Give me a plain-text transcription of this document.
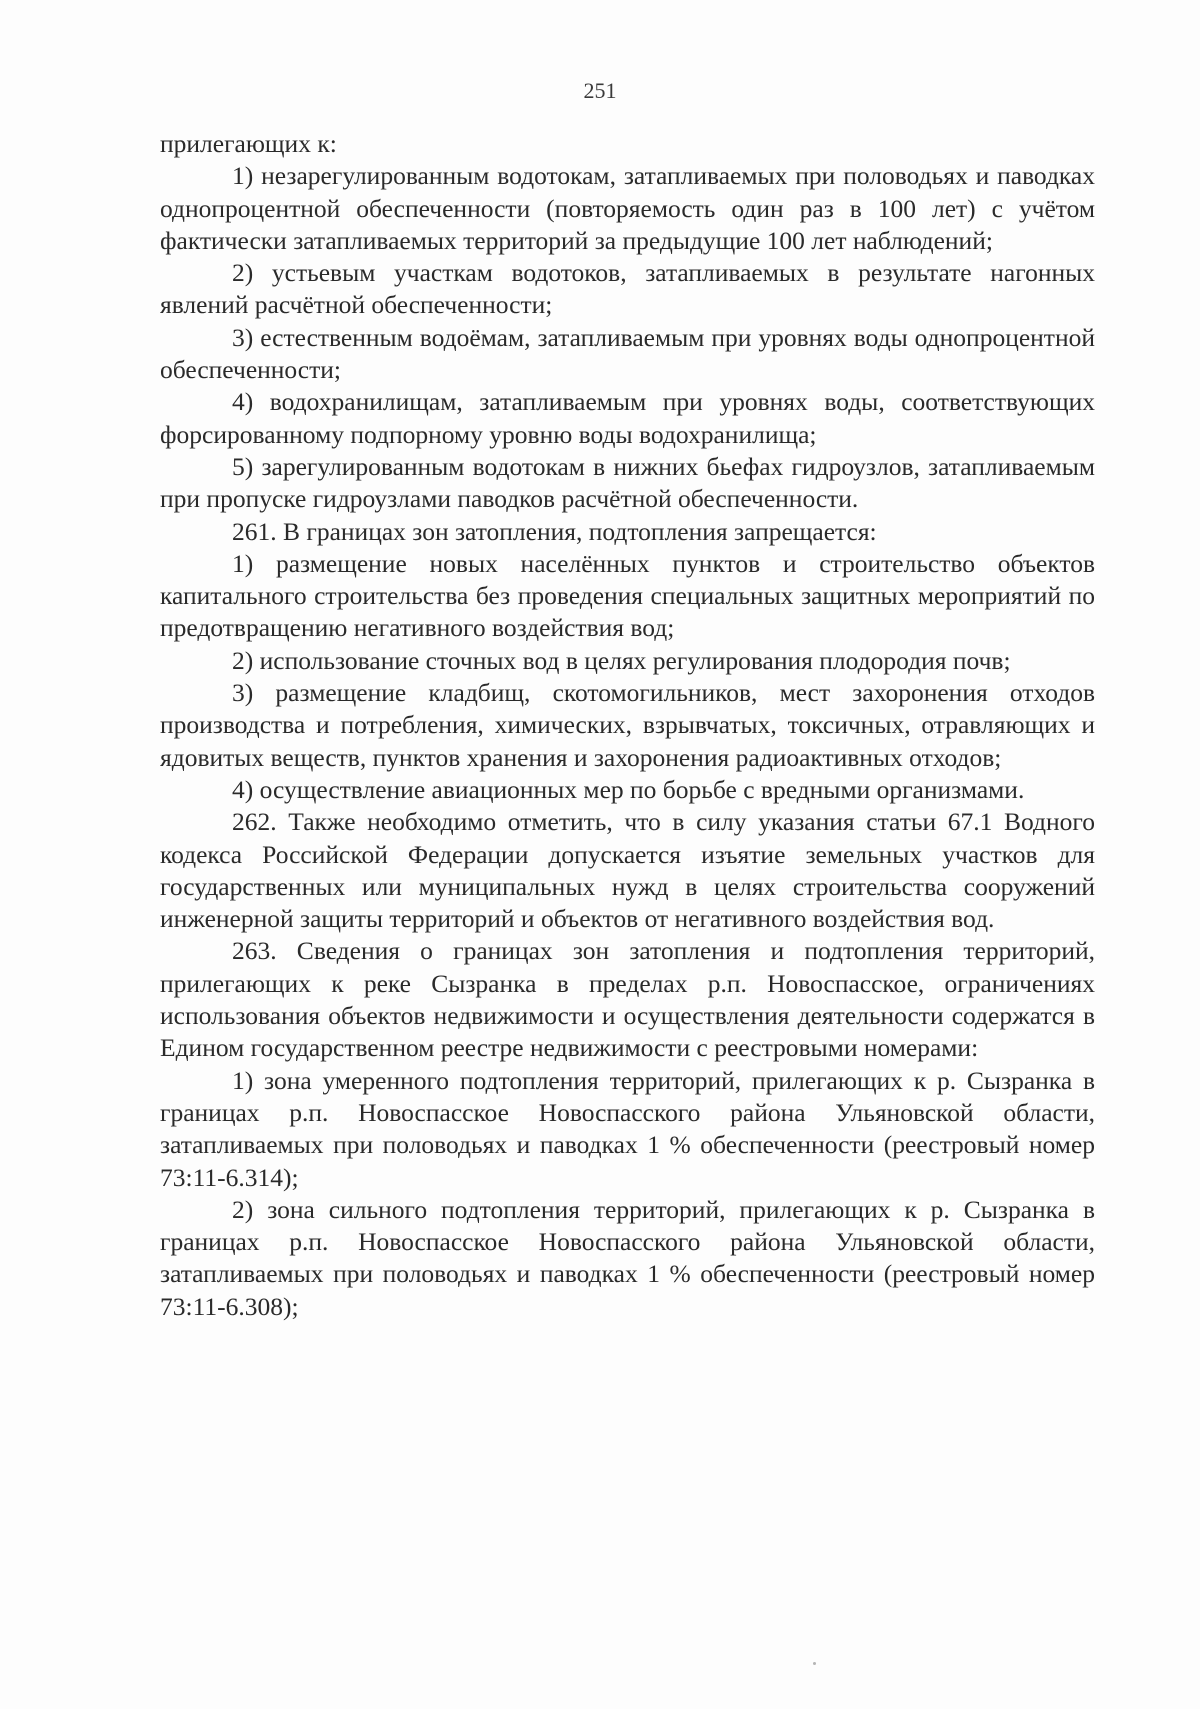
251

прилегающих к:

1) незарегулированным водотокам, затапливаемых при половодьях и паводках однопроцентной обеспеченности (повторяемость один раз в 100 лет) с учётом фактически затапливаемых территорий за предыдущие 100 лет наблюдений;

2) устьевым участкам водотоков, затапливаемых в результате нагонных явлений расчётной обеспеченности;

3) естественным водоёмам, затапливаемым при уровнях воды однопроцентной обеспеченности;

4) водохранилищам, затапливаемым при уровнях воды, соответствующих форсированному подпорному уровню воды водохранилища;

5) зарегулированным водотокам в нижних бьефах гидроузлов, затапливаемым при пропуске гидроузлами паводков расчётной обеспеченности.

261. В границах зон затопления, подтопления запрещается:

1) размещение новых населённых пунктов и строительство объектов капитального строительства без проведения специальных защитных мероприятий по предотвращению негативного воздействия вод;

2) использование сточных вод в целях регулирования плодородия почв;

3) размещение кладбищ, скотомогильников, мест захоронения отходов производства и потребления, химических, взрывчатых, токсичных, отравляющих и ядовитых веществ, пунктов хранения и захоронения радиоактивных отходов;

4) осуществление авиационных мер по борьбе с вредными организмами.

262. Также необходимо отметить, что в силу указания статьи 67.1 Водного кодекса Российской Федерации допускается изъятие земельных участков для государственных или муниципальных нужд в целях строительства сооружений инженерной защиты территорий и объектов от негативного воздействия вод.

263. Сведения о границах зон затопления и подтопления территорий, прилегающих к реке Сызранка в пределах р.п. Новоспасское, ограничениях использования объектов недвижимости и осуществления деятельности содержатся в Едином государственном реестре недвижимости с реестровыми номерами:

1) зона умеренного подтопления территорий, прилегающих к р. Сызранка в границах р.п. Новоспасское Новоспасского района Ульяновской области, затапливаемых при половодьях и паводках 1 % обеспеченности (реестровый номер 73:11-6.314);

2) зона сильного подтопления территорий, прилегающих к р. Сызранка в границах р.п. Новоспасское Новоспасского района Ульяновской области, затапливаемых при половодьях и паводках 1 % обеспеченности (реестровый номер 73:11-6.308);
